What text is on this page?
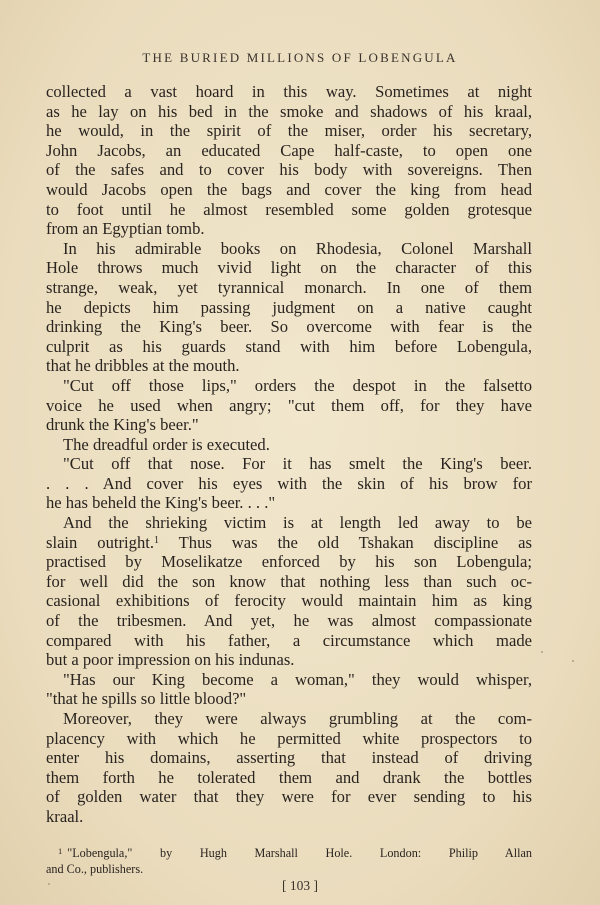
THE BURIED MILLIONS OF LOBENGULA
collected a vast hoard in this way. Sometimes at night
as he lay on his bed in the smoke and shadows of his kraal,
he would, in the spirit of the miser, order his secretary,
John Jacobs, an educated Cape half-caste, to open one
of the safes and to cover his body with sovereigns. Then
would Jacobs open the bags and cover the king from head
to foot until he almost resembled some golden grotesque
from an Egyptian tomb.
In his admirable books on Rhodesia, Colonel Marshall
Hole throws much vivid light on the character of this
strange, weak, yet tyrannical monarch. In one of them
he depicts him passing judgment on a native caught
drinking the King's beer. So overcome with fear is the
culprit as his guards stand with him before Lobengula,
that he dribbles at the mouth.
"Cut off those lips," orders the despot in the falsetto
voice he used when angry; "cut them off, for they have
drunk the King's beer."
The dreadful order is executed.
"Cut off that nose. For it has smelt the King's beer.
. . . And cover his eyes with the skin of his brow for
he has beheld the King's beer. . . ."
And the shrieking victim is at length led away to be
slain outright.$^1$ Thus was the old Tshakan discipline as
practised by Moselikatze enforced by his son Lobengula;
for well did the son know that nothing less than such oc-
casional exhibitions of ferocity would maintain him as king
of the tribesmen. And yet, he was almost compassionate
compared with his father, a circumstance which made
but a poor impression on his indunas.
"Has our King become a woman," they would whisper,
"that he spills so little blood?"
Moreover, they were always grumbling at the com-
placency with which he permitted white prospectors to
enter his domains, asserting that instead of driving
them forth he tolerated them and drank the bottles
of golden water that they were for ever sending to his
kraal.
$^1$ "Lobengula," by Hugh Marshall Hole. London: Philip Allan
and Co., publishers.
[ 103 ]
